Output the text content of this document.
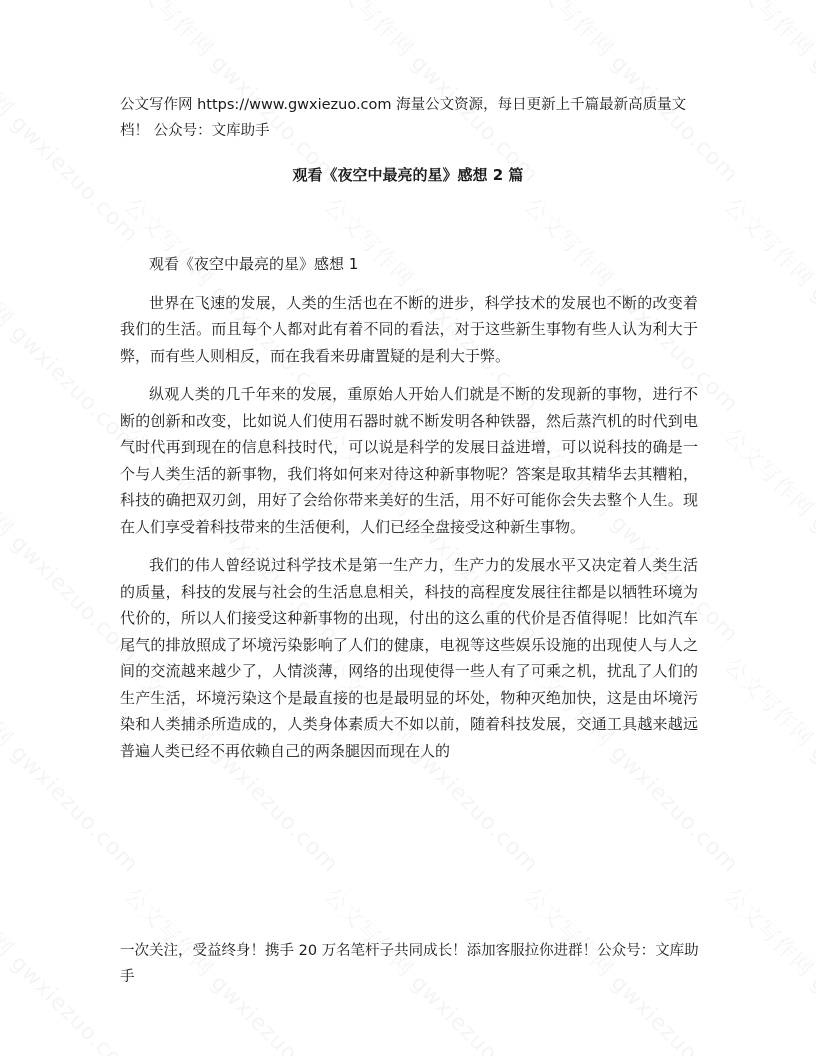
公文写作网 https://www.gwxiezuo.com 海量公文资源，每日更新上千篇最新高质量文档！ 公众号：文库助手
观看《夜空中最亮的星》感想 2 篇

观看《夜空中最亮的星》感想 1

世界在飞速的发展，人类的生活也在不断的进步，科学技术的发展也不断的改变着我们的生活。而且每个人都对此有着不同的看法，对于这些新生事物有些人认为利大于弊，而有些人则相反，而在我看来毋庸置疑的是利大于弊。

纵观人类的几千年来的发展，重原始人开始人们就是不断的发现新的事物，进行不断的创新和改变，比如说人们使用石器时就不断发明各种铁器，然后蒸汽机的时代到电气时代再到现在的信息科技时代，可以说是科学的发展日益进增，可以说科技的确是一个与人类生活的新事物，我们将如何来对待这种新事物呢？答案是取其精华去其糟粕，科技的确把双刃剑，用好了会给你带来美好的生活，用不好可能你会失去整个人生。现在人们享受着科技带来的生活便利，人们已经全盘接受这种新生事物。

我们的伟人曾经说过科学技术是第一生产力，生产力的发展水平又决定着人类生活的质量，科技的发展与社会的生活息息相关，科技的高程度发展往往都是以牺牲环境为代价的，所以人们接受这种新事物的出现，付出的这么重的代价是否值得呢！比如汽车尾气的排放照成了坏境污染影响了人们的健康，电视等这些娱乐设施的出现使人与人之间的交流越来越少了，人情淡薄，网络的出现使得一些人有了可乘之机，扰乱了人们的生产生活，坏境污染这个是最直接的也是最明显的坏处，物种灭绝加快，这是由坏境污染和人类捕杀所造成的，人类身体素质大不如以前，随着科技发展，交通工具越来越远普遍人类已经不再依赖自己的两条腿因而现在人的

一次关注，受益终身！携手 20 万名笔杆子共同成长！添加客服拉你进群！公众号：文库助手
